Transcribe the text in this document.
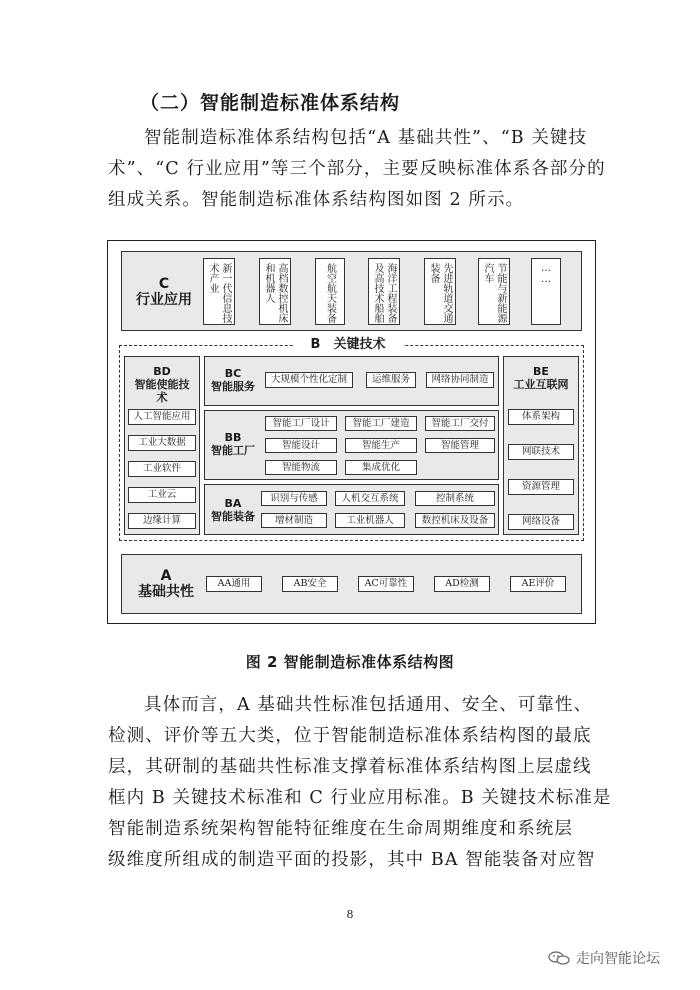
（二）智能制造标准体系结构
智能制造标准体系结构包括“A 基础共性”、“B 关键技
术”、“C 行业应用”等三个部分，主要反映标准体系各部分的
组成关系。智能制造标准体系结构图如图 2 所示。
C
行业应用	新一代信息技
术产业	高档数控机床
和机器人	航空航天装备	海洋工程装备
及高技术船舶	先进轨道交通
装备	节能与新能源
汽车	……
B　关键技术
BD
智能使能技术
人工智能应用
工业大数据
工业软件
工业云
边缘计算
BC
智能服务
大规模个性化定制	运维服务	网络协同制造
BB
智能工厂
智能工厂设计	智能工厂建造	智能工厂交付
智能设计	智能生产	智能管理
智能物流	集成优化
BA
智能装备
识别与传感	人机交互系统	控制系统
增材制造	工业机器人	数控机床及设备
BE
工业互联网
体系架构
网联技术
资源管理
网络设备
A
基础共性
AA通用	AB安全	AC可靠性	AD检测	AE评价
图 2 智能制造标准体系结构图
具体而言，A 基础共性标准包括通用、安全、可靠性、
检测、评价等五大类，位于智能制造标准体系结构图的最底
层，其研制的基础共性标准支撑着标准体系结构图上层虚线
框内 B 关键技术标准和 C 行业应用标准。B 关键技术标准是
智能制造系统架构智能特征维度在生命周期维度和系统层
级维度所组成的制造平面的投影，其中 BA 智能装备对应智
8
走向智能论坛
